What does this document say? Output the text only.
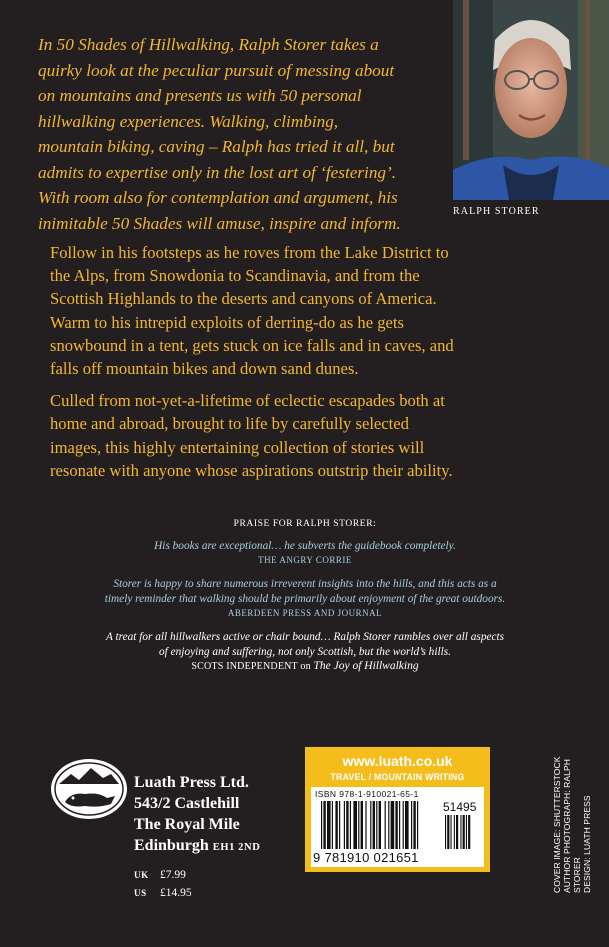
In 50 Shades of Hillwalking, Ralph Storer takes a
quirky look at the peculiar pursuit of messing about
on mountains and presents us with 50 personal
hillwalking experiences. Walking, climbing,
mountain biking, caving – Ralph has tried it all, but
admits to expertise only in the lost art of ‘festering’.
With room also for contemplation and argument, his
inimitable 50 Shades will amuse, inspire and inform.
RALPH STORER

Follow in his footsteps as he roves from the Lake District to
the Alps, from Snowdonia to Scandinavia, and from the
Scottish Highlands to the deserts and canyons of America.
Warm to his intrepid exploits of derring-do as he gets
snowbound in a tent, gets stuck on ice falls and in caves, and
falls off mountain bikes and down sand dunes.

Culled from not-yet-a-lifetime of eclectic escapades both at
home and abroad, brought to life by carefully selected
images, this highly entertaining collection of stories will
resonate with anyone whose aspirations outstrip their ability.

PRAISE FOR RALPH STORER:
His books are exceptional… he subverts the guidebook completely.
THE ANGRY CORRIE
Storer is happy to share numerous irreverent insights into the hills, and this acts as a
timely reminder that walking should be primarily about enjoyment of the great outdoors.
ABERDEEN PRESS AND JOURNAL
A treat for all hillwalkers active or chair bound… Ralph Storer rambles over all aspects
of enjoying and suffering, not only Scottish, but the world’s hills.
SCOTS INDEPENDENT on The Joy of Hillwalking
Luath Press Ltd.
543/2 Castlehill
The Royal Mile
Edinburgh EH1 2ND
UK £7.99
US £14.95
www.luath.co.uk
TRAVEL / MOUNTAIN WRITING
ISBN 978-1-910021-65-1
51495
9 781910 021651	COVER IMAGE: SHUTTERSTOCK AUTHOR PHOTOGRAPH: RALPH STORER DESIGN: LUATH PRESS
